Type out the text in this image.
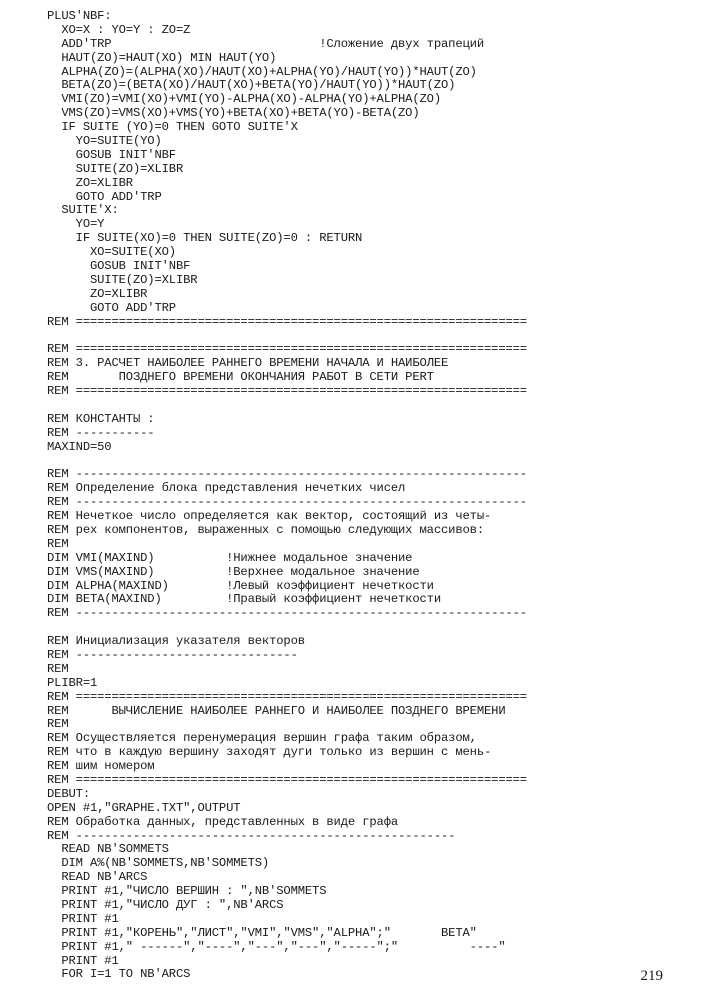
PLUS'NBF:
XO=X : YO=Y : ZO=Z
ADD'TRP                             !Сложение двух трапеций
HAUT(ZO)=HAUT(XO) MIN HAUT(YO)
ALPHA(ZO)=(ALPHA(XO)/HAUT(XO)+ALPHA(YO)/HAUT(YO))*HAUT(ZO)
BETA(ZO)=(BETA(XO)/HAUT(XO)+BETA(YO)/HAUT(YO))*HAUT(ZO)
VMI(ZO)=VMI(XO)+VMI(YO)-ALPHA(XO)-ALPHA(YO)+ALPHA(ZO)
VMS(ZO)=VMS(XO)+VMS(YO)+BETA(XO)+BETA(YO)-BETA(ZO)
IF SUITE (YO)=0 THEN GOTO SUITE'X
YO=SUITE(YO)
GOSUB INIT'NBF
SUITE(ZO)=XLIBR
ZO=XLIBR
GOTO ADD'TRP
SUITE'X:
YO=Y
IF SUITE(XO)=0 THEN SUITE(ZO)=0 : RETURN
XO=SUITE(XO)
GOSUB INIT'NBF
SUITE(ZO)=XLIBR
ZO=XLIBR
GOTO ADD'TRP
REM ===============================================================
REM ===============================================================
REM 3. РАСЧЕТ НАИБОЛЕЕ РАННЕГО ВРЕМЕНИ НАЧАЛА И НАИБОЛЕЕ
REM       ПОЗДНЕГО ВРЕМЕНИ ОКОНЧАНИЯ РАБОТ В СЕТИ PERT
REM ===============================================================
REM КОНСТАНТЫ :
REM -----------
MAXIND=50
REM ---------------------------------------------------------------
REM Определение блока представления нечетких чисел
REM ---------------------------------------------------------------
REM Нечеткое число определяется как вектор, состоящий из четы-
REM рех компонентов, выраженных с помощью следующих массивов:
REM
DIM VMI(MAXIND)          !Нижнее модальное значение
DIM VMS(MAXIND)          !Верхнее модальное значение
DIM ALPHA(MAXIND)        !Левый коэффициент нечеткости
DIM BETA(MAXIND)         !Правый коэффициент нечеткости
REM ---------------------------------------------------------------
REM Инициализация указателя векторов
REM -------------------------------
REM
PLIBR=1
REM ===============================================================
REM      ВЫЧИСЛЕНИЕ НАИБОЛЕЕ РАННЕГО И НАИБОЛЕЕ ПОЗДНЕГО ВРЕМЕНИ
REM
REM Осуществляется перенумерация вершин графа таким образом,
REM что в каждую вершину заходят дуги только из вершин с мень-
REM шим номером
REM ===============================================================
DEBUT:
OPEN #1,"GRAPHE.TXT",OUTPUT
REM Обработка данных, представленных в виде графа
REM -----------------------------------------------------
READ NB'SOMMETS
DIM A%(NB'SOMMETS,NB'SOMMETS)
READ NB'ARCS
PRINT #1,"ЧИСЛО ВЕРШИН : ",NB'SOMMETS
PRINT #1,"ЧИСЛО ДУГ : ",NB'ARCS
PRINT #1
PRINT #1,"КОРЕНЬ","ЛИСТ","VMI","VMS","ALPHA";"       BETA"
PRINT #1," ------","----","---","---","-----";"          ----"
PRINT #1
FOR I=1 TO NB'ARCS	219
